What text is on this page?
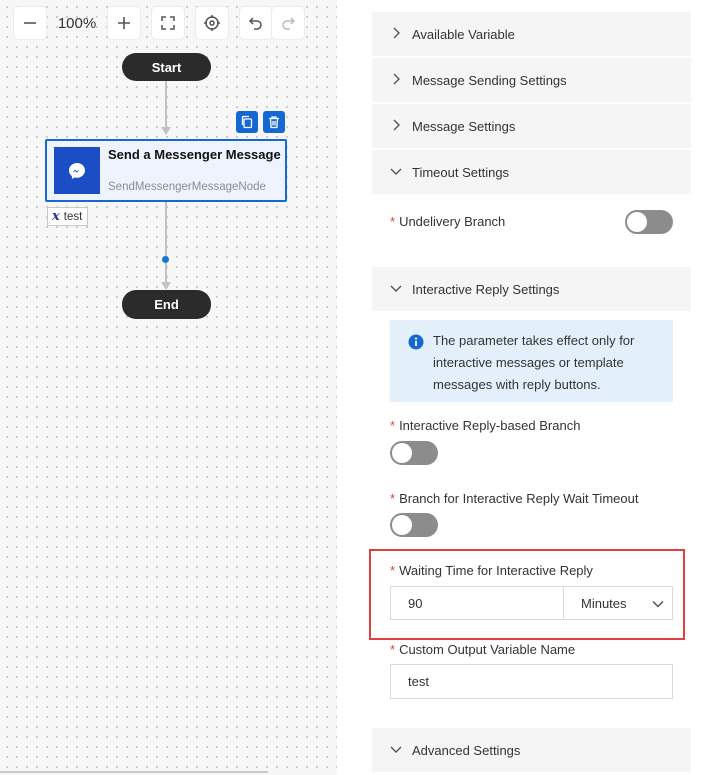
100%
Start
Send a Messenger Message
SendMessengerMessageNode
x test
End
Available Variable
Message Sending Settings
Message Settings
Timeout Settings
* Undelivery Branch
Interactive Reply Settings
The parameter takes effect only for interactive messages or template messages with reply buttons.
* Interactive Reply-based Branch
* Branch for Interactive Reply Wait Timeout
* Waiting Time for Interactive Reply
90
Minutes
* Custom Output Variable Name
test
Advanced Settings
